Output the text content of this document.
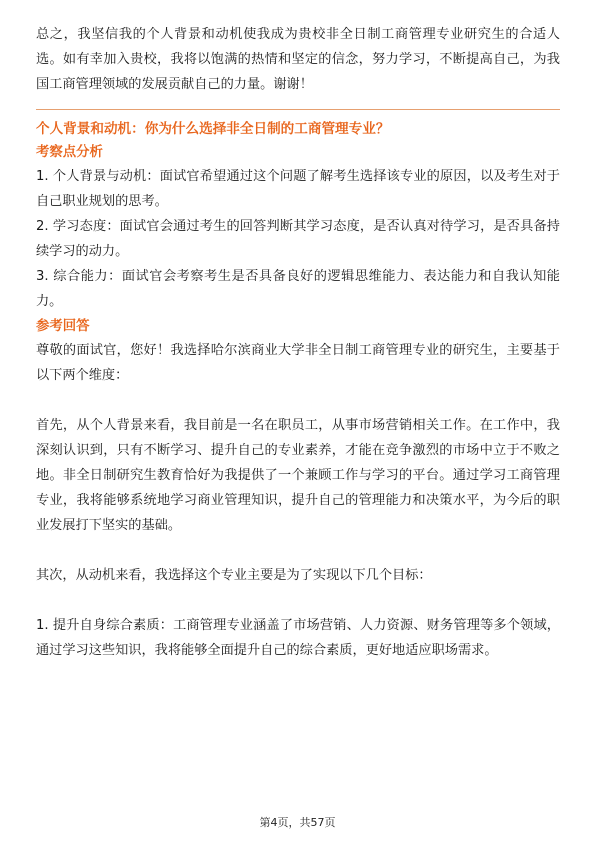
总之，我坚信我的个人背景和动机使我成为贵校非全日制工商管理专业研究生的合适人选。如有幸加入贵校，我将以饱满的热情和坚定的信念，努力学习，不断提高自己，为我国工商管理领域的发展贡献自己的力量。谢谢！

个人背景和动机：你为什么选择非全日制的工商管理专业？
考察点分析

1. 个人背景与动机：面试官希望通过这个问题了解考生选择该专业的原因，以及考生对于自己职业规划的思考。

2. 学习态度：面试官会通过考生的回答判断其学习态度，是否认真对待学习，是否具备持续学习的动力。

3. 综合能力：面试官会考察考生是否具备良好的逻辑思维能力、表达能力和自我认知能力。

参考回答

尊敬的面试官，您好！我选择哈尔滨商业大学非全日制工商管理专业的研究生，主要基于以下两个维度：

首先，从个人背景来看，我目前是一名在职员工，从事市场营销相关工作。在工作中，我深刻认识到，只有不断学习、提升自己的专业素养，才能在竞争激烈的市场中立于不败之地。非全日制研究生教育恰好为我提供了一个兼顾工作与学习的平台。通过学习工商管理专业，我将能够系统地学习商业管理知识，提升自己的管理能力和决策水平，为今后的职业发展打下坚实的基础。

其次，从动机来看，我选择这个专业主要是为了实现以下几个目标：

1. 提升自身综合素质：工商管理专业涵盖了市场营销、人力资源、财务管理等多个领域，通过学习这些知识，我将能够全面提升自己的综合素质，更好地适应职场需求。

第4页，共57页
